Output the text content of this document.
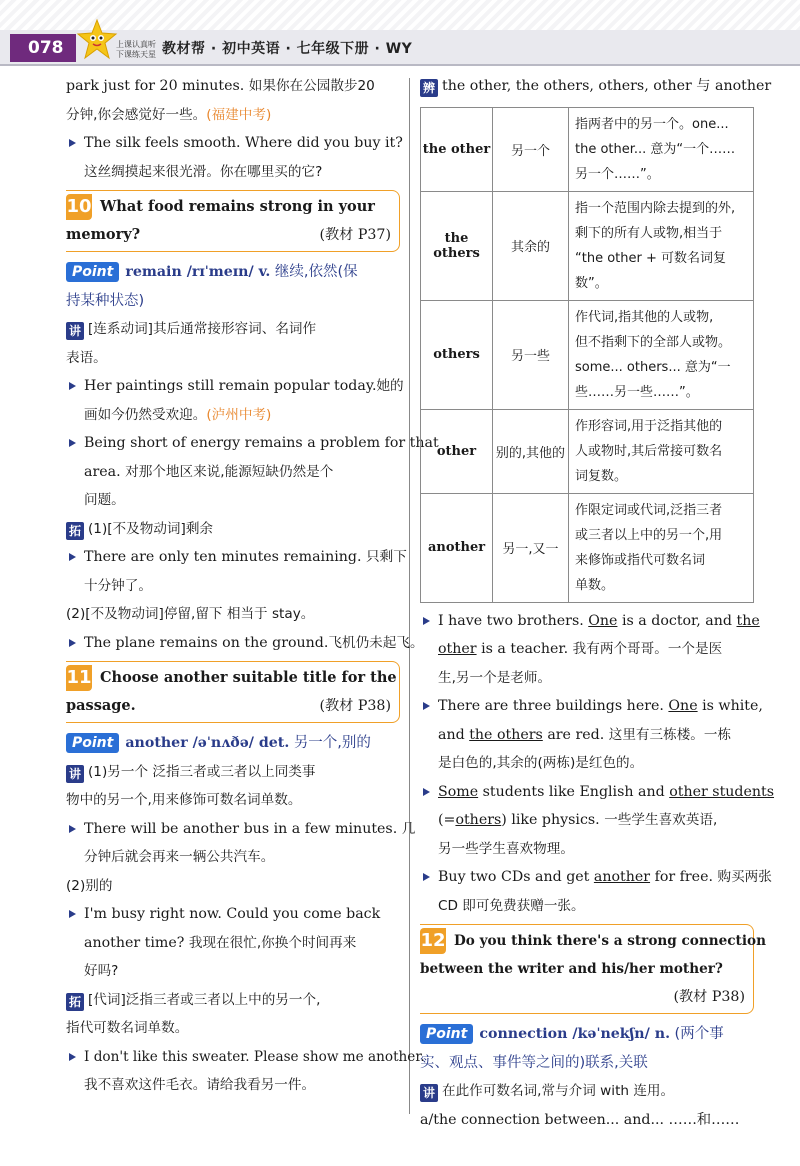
078	上课认真听
下课练天星 教材帮 · 初中英语 · 七年级下册 · WY
park just for 20 minutes. 如果你在公园散步20
分钟,你会感觉好一些。(福建中考)
The silk feels smooth. Where did you buy it?
这丝绸摸起来很光滑。你在哪里买的它?
10 What food remains strong in your
memory?	(教材 P37)
Point remain /rɪˈmeɪn/ v. 继续,依然(保
持某种状态)
讲 [连系动词]其后通常接形容词、名词作
表语。
Her paintings still remain popular today.她的
画如今仍然受欢迎。(泸州中考)
Being short of energy remains a problem for that
area. 对那个地区来说,能源短缺仍然是个
问题。
拓 (1)[不及物动词]剩余
There are only ten minutes remaining. 只剩下
十分钟了。
(2)[不及物动词]停留,留下 相当于 stay。
The plane remains on the ground.飞机仍未起飞。
11 Choose another suitable title for the
passage.	(教材 P38)
Point another /əˈnʌðə/ det. 另一个,别的
讲 (1)另一个 泛指三者或三者以上同类事
物中的另一个,用来修饰可数名词单数。
There will be another bus in a few minutes. 几
分钟后就会再来一辆公共汽车。
(2)别的
I'm busy right now. Could you come back
another time? 我现在很忙,你换个时间再来
好吗?
拓 [代词]泛指三者或三者以上中的另一个,
指代可数名词单数。
I don't like this sweater. Please show me another.
我不喜欢这件毛衣。请给我看另一件。
辨 the other, the others, others, other 与 another
the other	另一个	指两者中的另一个。one...
the other... 意为“一个……
另一个……”。

the others	其余的	指一个范围内除去提到的外,
剩下的所有人或物,相当于
“the other + 可数名词复数”。

others	另一些	作代词,指其他的人或物,
但不指剩下的全部人或物。
some... others... 意为“一
些……另一些……”。

other	别的,其他的	作形容词,用于泛指其他的
人或物时,其后常接可数名
词复数。

another	另一,又一	作限定词或代词,泛指三者
或三者以上中的另一个,用
来修饰或指代可数名词
单数。
I have two brothers. One is a doctor, and the
other is a teacher. 我有两个哥哥。一个是医
生,另一个是老师。
There are three buildings here. One is white,
and the others are red. 这里有三栋楼。一栋
是白色的,其余的(两栋)是红色的。
Some students like English and other students
(=others) like physics. 一些学生喜欢英语,
另一些学生喜欢物理。
Buy two CDs and get another for free. 购买两张
CD 即可免费获赠一张。
12 Do you think there's a strong connection
between the writer and his/her mother?
(教材 P38)
Point connection /kəˈnekʃn/ n. (两个事
实、观点、事件等之间的)联系,关联
讲 在此作可数名词,常与介词 with 连用。
a/the connection between... and... ……和……
